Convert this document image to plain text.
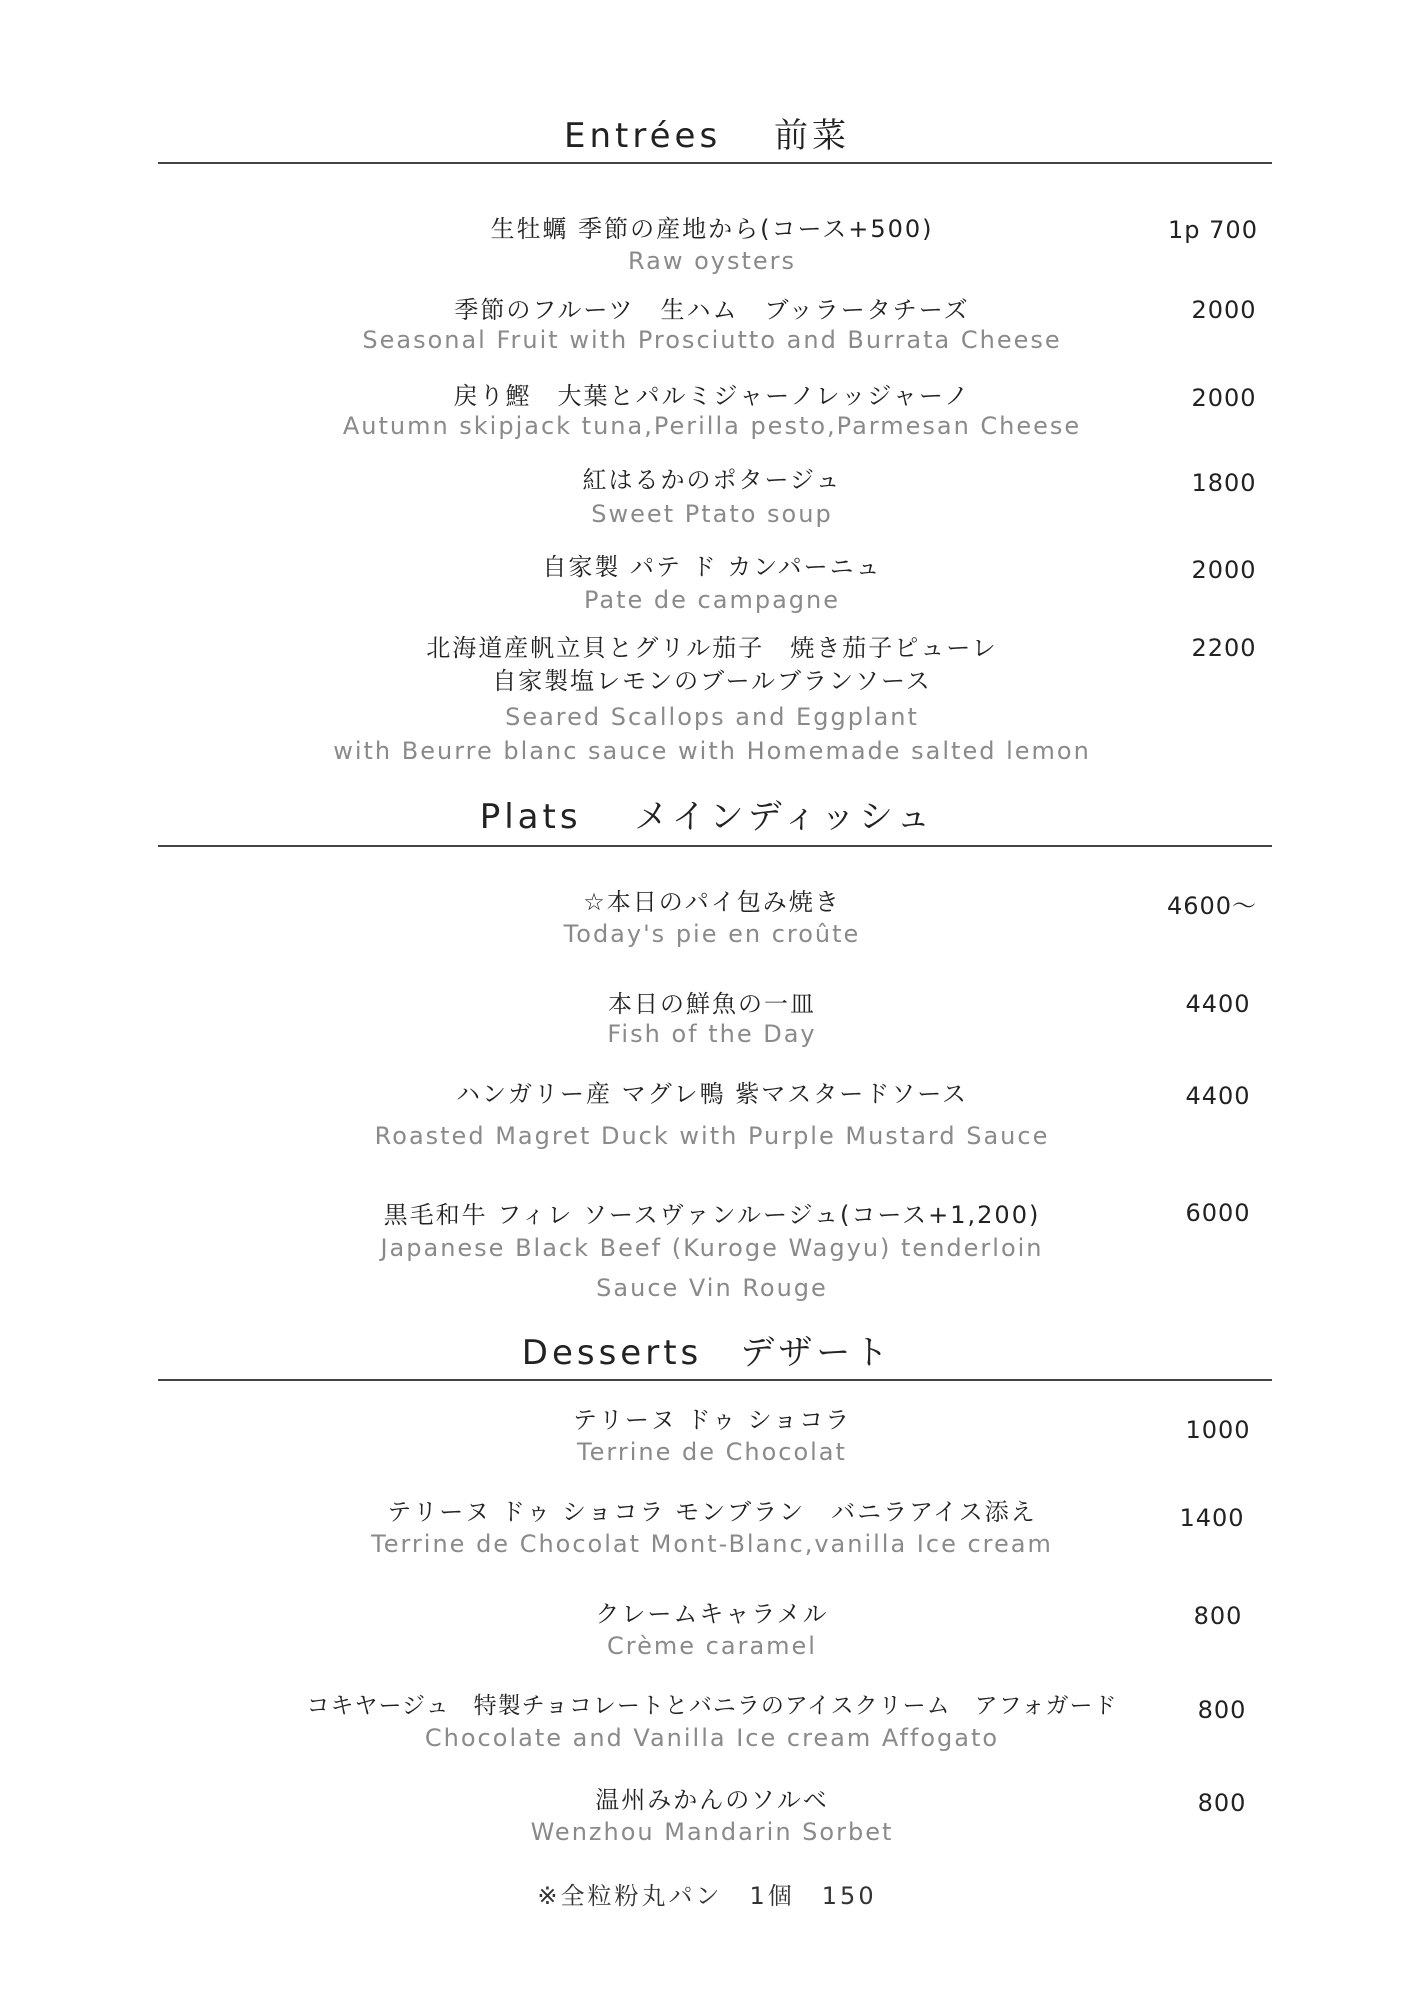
Entrées　 前菜
生牡蠣 季節の産地から(コース+500)
Raw oysters
1p 700
季節のフルーツ　生ハム　ブッラータチーズ
Seasonal Fruit with Prosciutto and Burrata Cheese
2000
戻り鰹　大葉とパルミジャーノレッジャーノ
Autumn skipjack tuna,Perilla pesto,Parmesan Cheese
2000
紅はるかのポタージュ
Sweet Ptato soup
1800
自家製 パテ ド カンパーニュ
Pate de campagne
2000
北海道産帆立貝とグリル茄子　焼き茄子ピューレ
自家製塩レモンのブールブランソース
Seared Scallops and Eggplant
with Beurre blanc sauce with Homemade salted lemon
2200
Plats　 メインディッシュ
☆本日のパイ包み焼き
Today's pie en croûte
4600～
本日の鮮魚の一皿
Fish of the Day
4400
ハンガリー産 マグレ鴨 紫マスタードソース
Roasted Magret Duck with Purple Mustard Sauce
4400
黒毛和牛 フィレ ソースヴァンルージュ(コース+1,200)
Japanese Black Beef (Kuroge Wagyu) tenderloin
Sauce Vin Rouge
6000
Desserts　デザート
テリーヌ ドゥ ショコラ
Terrine de Chocolat
1000
テリーヌ ドゥ ショコラ モンブラン　バニラアイス添え
Terrine de Chocolat Mont-Blanc,vanilla Ice cream
1400
クレームキャラメル
Crème caramel
800
コキヤージュ　特製チョコレートとバニラのアイスクリーム　アフォガード
Chocolate and Vanilla Ice cream Affogato
800
温州みかんのソルベ
Wenzhou Mandarin Sorbet
800
※全粒粉丸パン　1個　150
